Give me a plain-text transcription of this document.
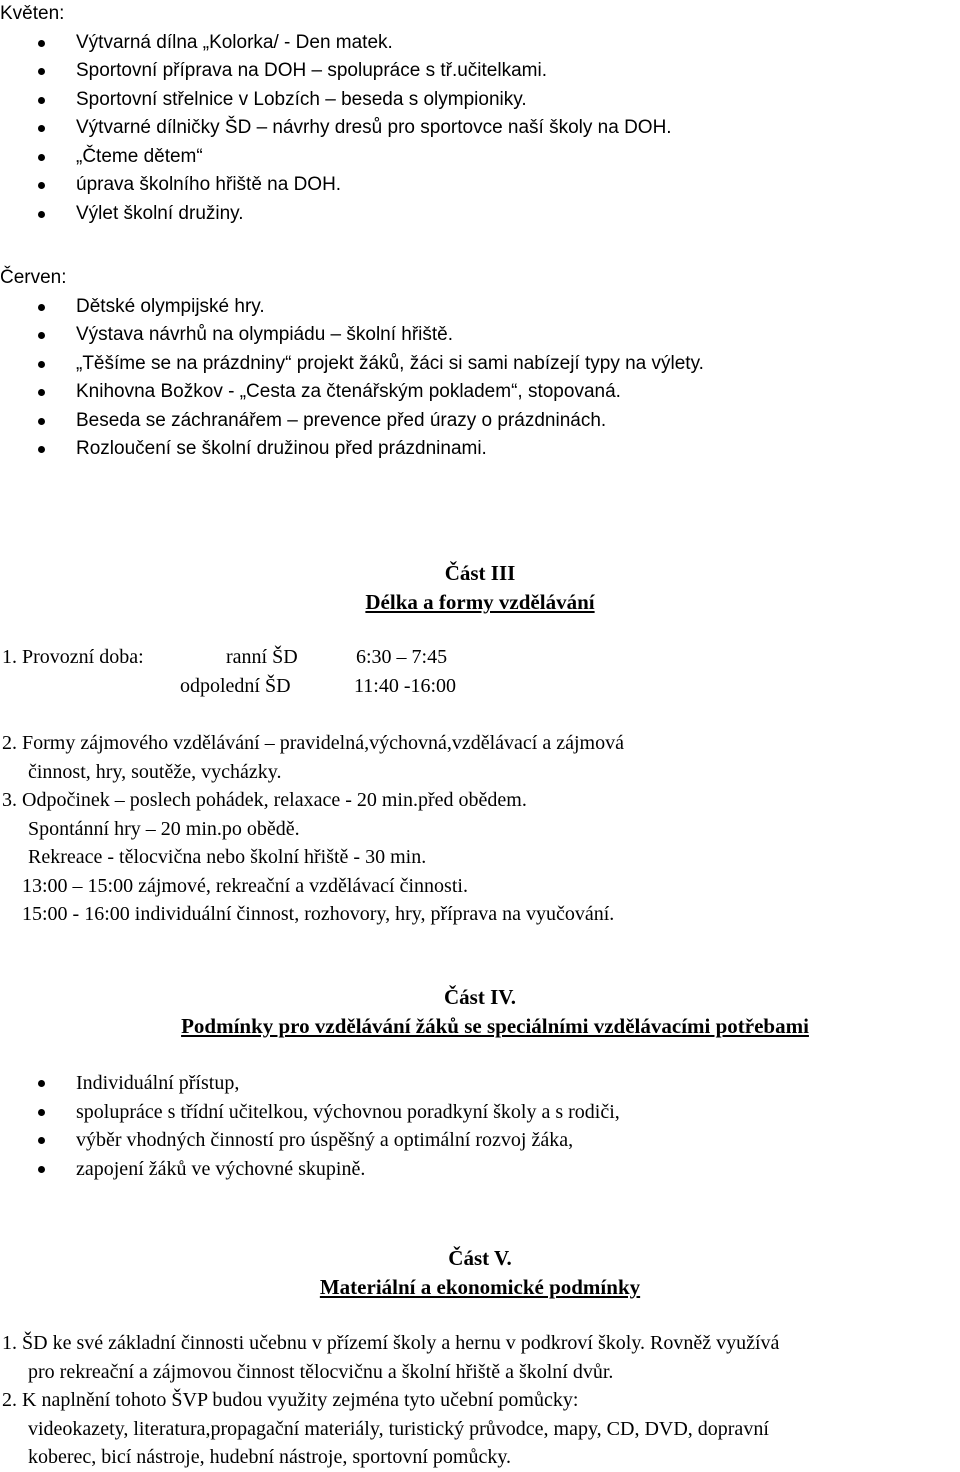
Květen:
Výtvarná dílna „Kolorka/ - Den matek.
Sportovní příprava na DOH – spolupráce s tř.učitelkami.
Sportovní střelnice v Lobzích – beseda s olympioniky.
Výtvarné dílničky ŠD – návrhy dresů pro sportovce naší školy na DOH.
„Čteme dětem“
úprava školního hřiště na DOH.
Výlet školní družiny.
Červen:
Dětské olympijské hry.
Výstava návrhů na olympiádu – školní hřiště.
„Těšíme se na prázdniny“ projekt žáků, žáci si sami nabízejí typy na výlety.
Knihovna Božkov - „Cesta za čtenářským pokladem“, stopovaná.
Beseda se záchranářem – prevence před úrazy o prázdninách.
Rozloučení se školní družinou před prázdninami.
Část III
Délka a formy vzdělávání
1. Provozní doba:	ranní ŠD	6:30 – 7:45
odpolední ŠD	11:40 -16:00
2. Formy zájmového vzdělávání – pravidelná,výchovná,vzdělávací a zájmová
činnost, hry, soutěže, vycházky.
3. Odpočinek – poslech pohádek, relaxace - 20 min.před obědem.
Spontánní hry – 20 min.po obědě.
Rekreace - tělocvična nebo školní hřiště - 30 min.
13:00 – 15:00 zájmové, rekreační a vzdělávací činnosti.
15:00 - 16:00 individuální činnost, rozhovory, hry, příprava na vyučování.
Část IV.
Podmínky pro vzdělávání žáků se speciálními vzdělávacími potřebami
Individuální přístup,
spolupráce s třídní učitelkou, výchovnou poradkyní školy a s rodiči,
výběr vhodných činností pro úspěšný a optimální rozvoj žáka,
zapojení žáků ve výchovné skupině.
Část V.
Materiální a ekonomické podmínky
1. ŠD ke své základní činnosti učebnu v přízemí školy a hernu v podkroví školy. Rovněž využívá
pro rekreační a zájmovou činnost tělocvičnu a školní hřiště a školní dvůr.
2. K naplnění tohoto ŠVP budou využity zejména tyto učební pomůcky:
videokazety, literatura,propagační materiály, turistický průvodce, mapy, CD, DVD, dopravní
koberec, bicí nástroje, hudební nástroje, sportovní pomůcky.
